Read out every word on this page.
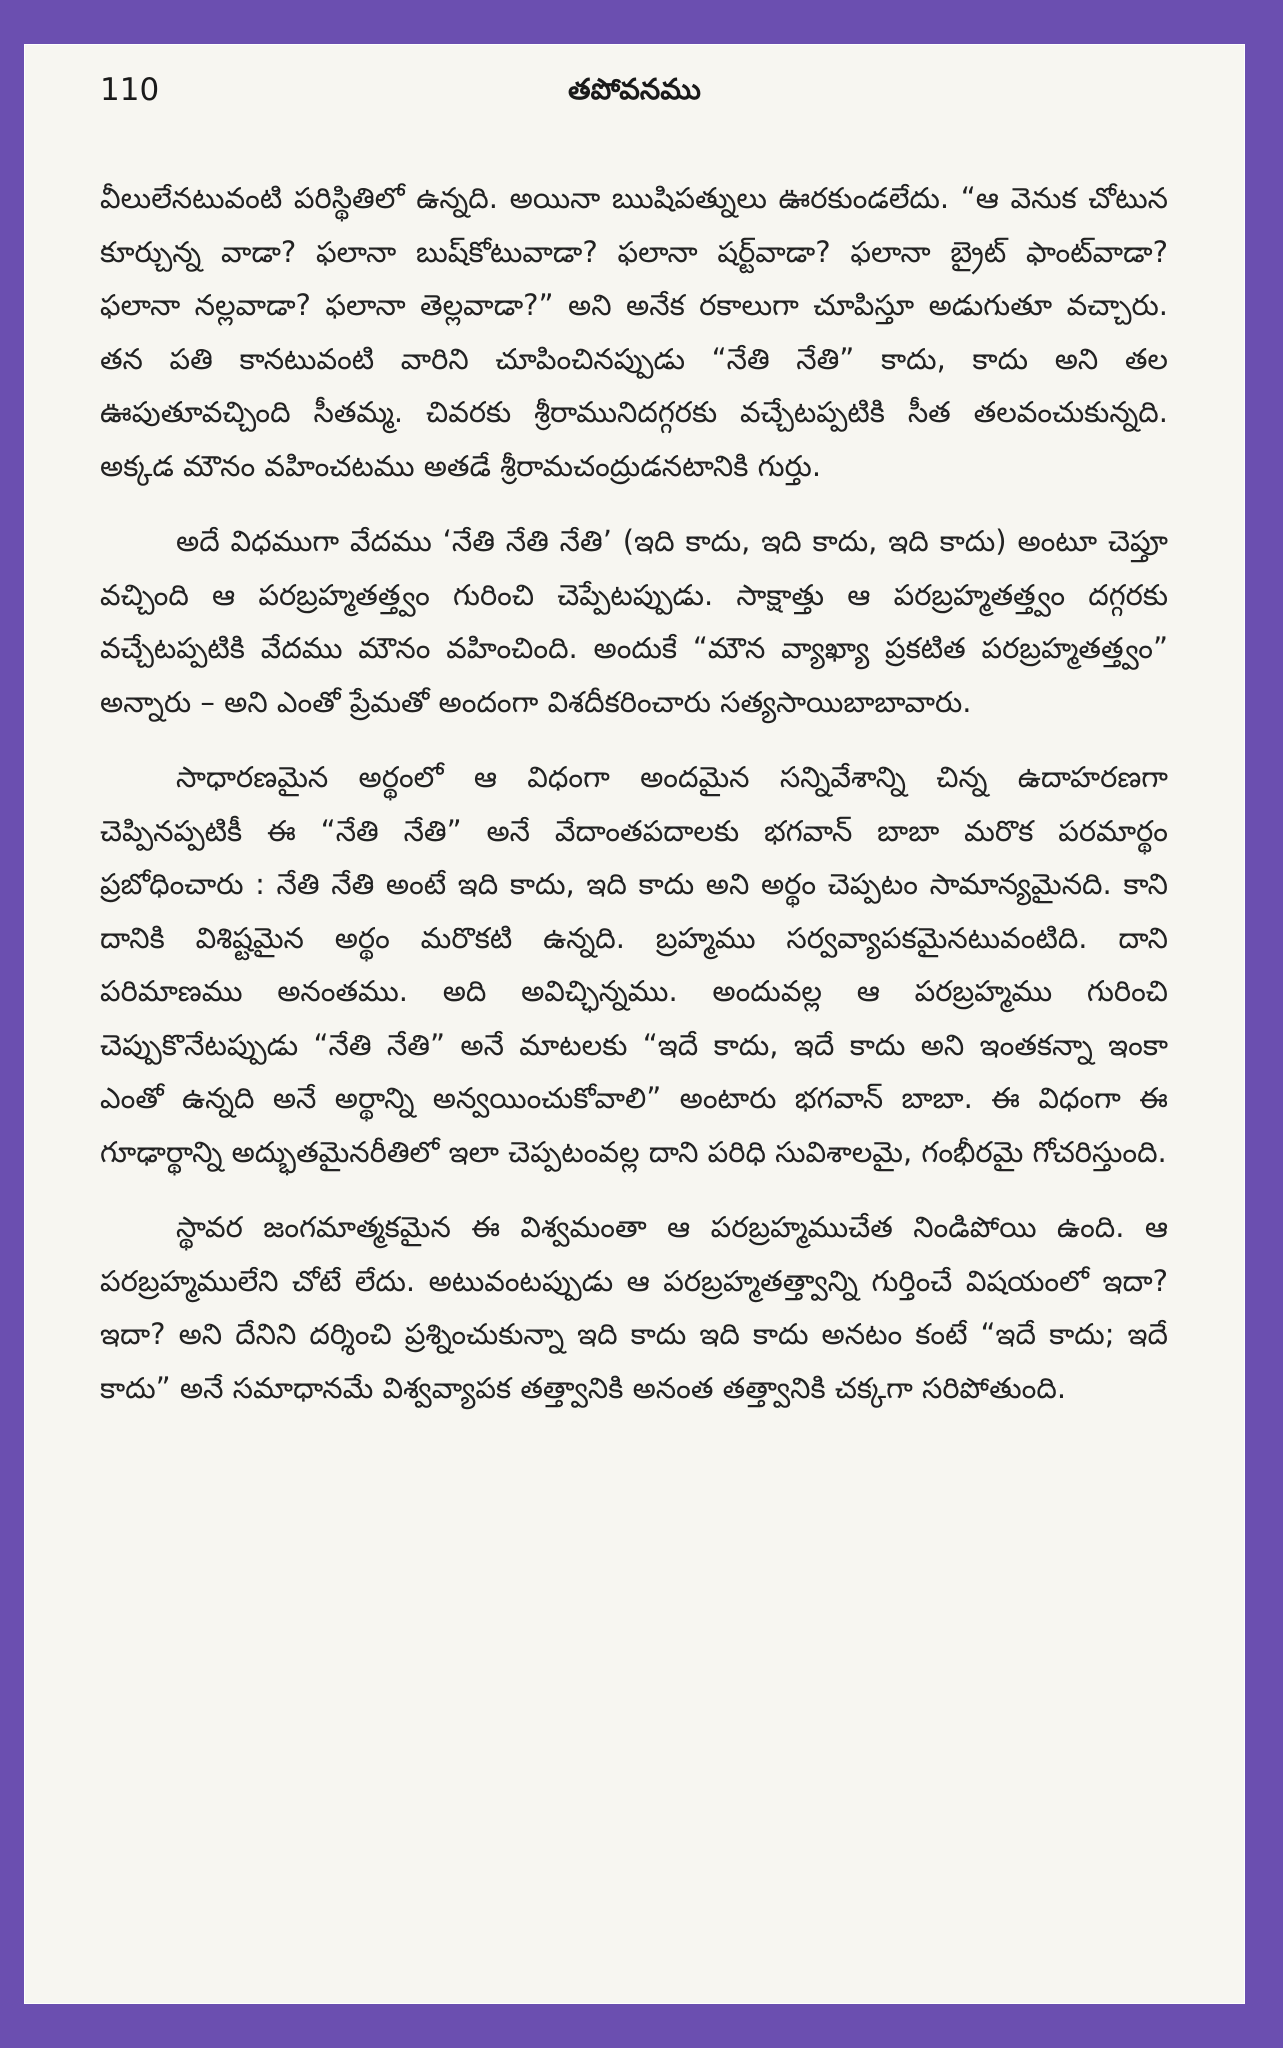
110	తపోవనము

వీలులేనటువంటి పరిస్థితిలో ఉన్నది. అయినా ఋషిపత్నులు ఊరకుండలేదు. “ఆ వెనుక చోటున కూర్చున్న వాడా? ఫలానా బుష్‌కోటువాడా? ఫలానా షర్ట్‌వాడా? ఫలానా బ్రైట్ ఫాంట్‌వాడా? ఫలానా నల్లవాడా? ఫలానా తెల్లవాడా?” అని అనేక రకాలుగా చూపిస్తూ అడుగుతూ వచ్చారు. తన పతి కానటువంటి వారిని చూపించినప్పుడు “నేతి నేతి” కాదు, కాదు అని తల ఊపుతూవచ్చింది సీతమ్మ. చివరకు శ్రీరామునిదగ్గరకు వచ్చేటప్పటికి సీత తలవంచుకున్నది. అక్కడ మౌనం వహించటము అతడే శ్రీరామచంద్రుడనటానికి గుర్తు.

అదే విధముగా వేదము ‘నేతి నేతి నేతి’ (ఇది కాదు, ఇది కాదు, ఇది కాదు) అంటూ చెప్తూ వచ్చింది ఆ పరబ్రహ్మతత్త్వం గురించి చెప్పేటప్పుడు. సాక్షాత్తు ఆ పరబ్రహ్మతత్త్వం దగ్గరకు వచ్చేటప్పటికి వేదము మౌనం వహించింది. అందుకే “మౌన వ్యాఖ్యా ప్రకటిత పరబ్రహ్మతత్త్వం” అన్నారు – అని ఎంతో ప్రేమతో అందంగా విశదీకరించారు సత్యసాయిబాబావారు.

సాధారణమైన అర్థంలో ఆ విధంగా అందమైన సన్నివేశాన్ని చిన్న ఉదాహరణగా చెప్పినప్పటికీ ఈ “నేతి నేతి” అనే వేదాంతపదాలకు భగవాన్ బాబా మరొక పరమార్థం ప్రబోధించారు : నేతి నేతి అంటే ఇది కాదు, ఇది కాదు అని అర్థం చెప్పటం సామాన్యమైనది. కాని దానికి విశిష్టమైన అర్థం మరొకటి ఉన్నది. బ్రహ్మము సర్వవ్యాపకమైనటువంటిది. దాని పరిమాణము అనంతము. అది అవిచ్ఛిన్నము. అందువల్ల ఆ పరబ్రహ్మము గురించి చెప్పుకొనేటప్పుడు “నేతి నేతి” అనే మాటలకు “ఇదే కాదు, ఇదే కాదు అని ఇంతకన్నా ఇంకా ఎంతో ఉన్నది అనే అర్థాన్ని అన్వయించుకోవాలి” అంటారు భగవాన్ బాబా. ఈ విధంగా ఈ గూఢార్థాన్ని అద్భుతమైనరీతిలో ఇలా చెప్పటంవల్ల దాని పరిధి సువిశాలమై, గంభీరమై గోచరిస్తుంది.

స్థావర జంగమాత్మకమైన ఈ విశ్వమంతా ఆ పరబ్రహ్మముచేత నిండిపోయి ఉంది. ఆ పరబ్రహ్మములేని చోటే లేదు. అటువంటప్పుడు ఆ పరబ్రహ్మతత్త్వాన్ని గుర్తించే విషయంలో ఇదా? ఇదా? అని దేనిని దర్శించి ప్రశ్నించుకున్నా ఇది కాదు ఇది కాదు అనటం కంటే “ఇదే కాదు; ఇదే కాదు” అనే సమాధానమే విశ్వవ్యాపక తత్త్వానికి అనంత తత్త్వానికి చక్కగా సరిపోతుంది.
